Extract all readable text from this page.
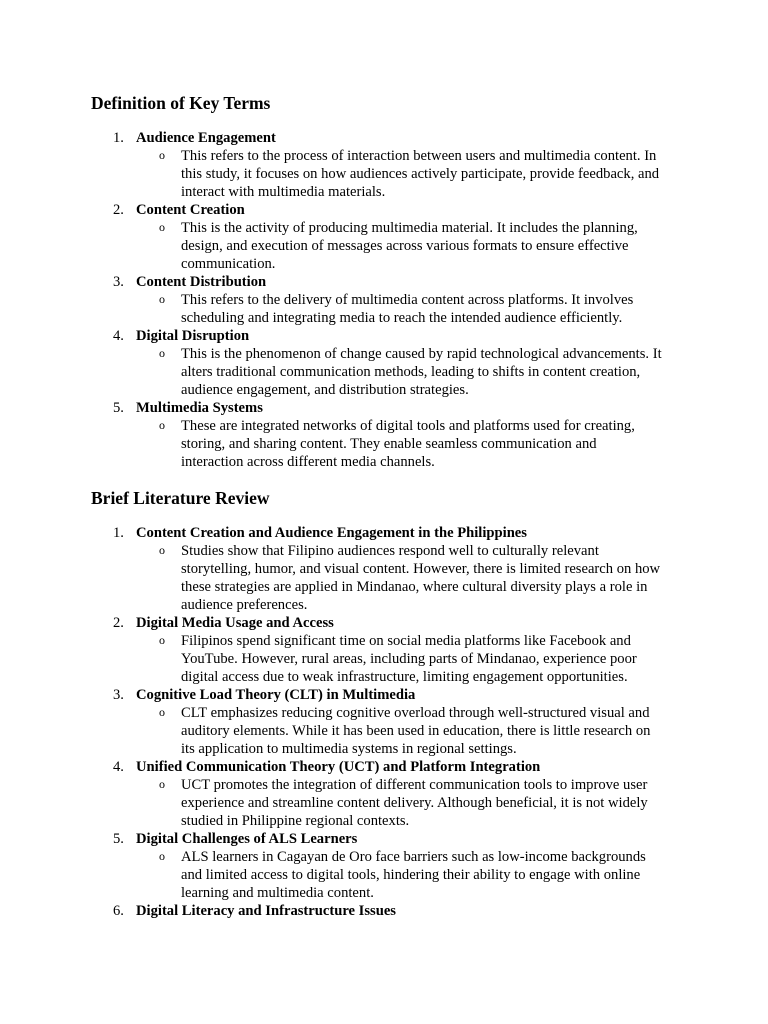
Definition of Key Terms
1. Audience Engagement
o This refers to the process of interaction between users and multimedia content. In
this study, it focuses on how audiences actively participate, provide feedback, and
interact with multimedia materials.
2. Content Creation
o This is the activity of producing multimedia material. It includes the planning,
design, and execution of messages across various formats to ensure effective
communication.
3. Content Distribution
o This refers to the delivery of multimedia content across platforms. It involves
scheduling and integrating media to reach the intended audience efficiently.
4. Digital Disruption
o This is the phenomenon of change caused by rapid technological advancements. It
alters traditional communication methods, leading to shifts in content creation,
audience engagement, and distribution strategies.
5. Multimedia Systems
o These are integrated networks of digital tools and platforms used for creating,
storing, and sharing content. They enable seamless communication and
interaction across different media channels.
Brief Literature Review
1. Content Creation and Audience Engagement in the Philippines
o Studies show that Filipino audiences respond well to culturally relevant
storytelling, humor, and visual content. However, there is limited research on how
these strategies are applied in Mindanao, where cultural diversity plays a role in
audience preferences.
2. Digital Media Usage and Access
o Filipinos spend significant time on social media platforms like Facebook and
YouTube. However, rural areas, including parts of Mindanao, experience poor
digital access due to weak infrastructure, limiting engagement opportunities.
3. Cognitive Load Theory (CLT) in Multimedia
o CLT emphasizes reducing cognitive overload through well-structured visual and
auditory elements. While it has been used in education, there is little research on
its application to multimedia systems in regional settings.
4. Unified Communication Theory (UCT) and Platform Integration
o UCT promotes the integration of different communication tools to improve user
experience and streamline content delivery. Although beneficial, it is not widely
studied in Philippine regional contexts.
5. Digital Challenges of ALS Learners
o ALS learners in Cagayan de Oro face barriers such as low-income backgrounds
and limited access to digital tools, hindering their ability to engage with online
learning and multimedia content.
6. Digital Literacy and Infrastructure Issues
